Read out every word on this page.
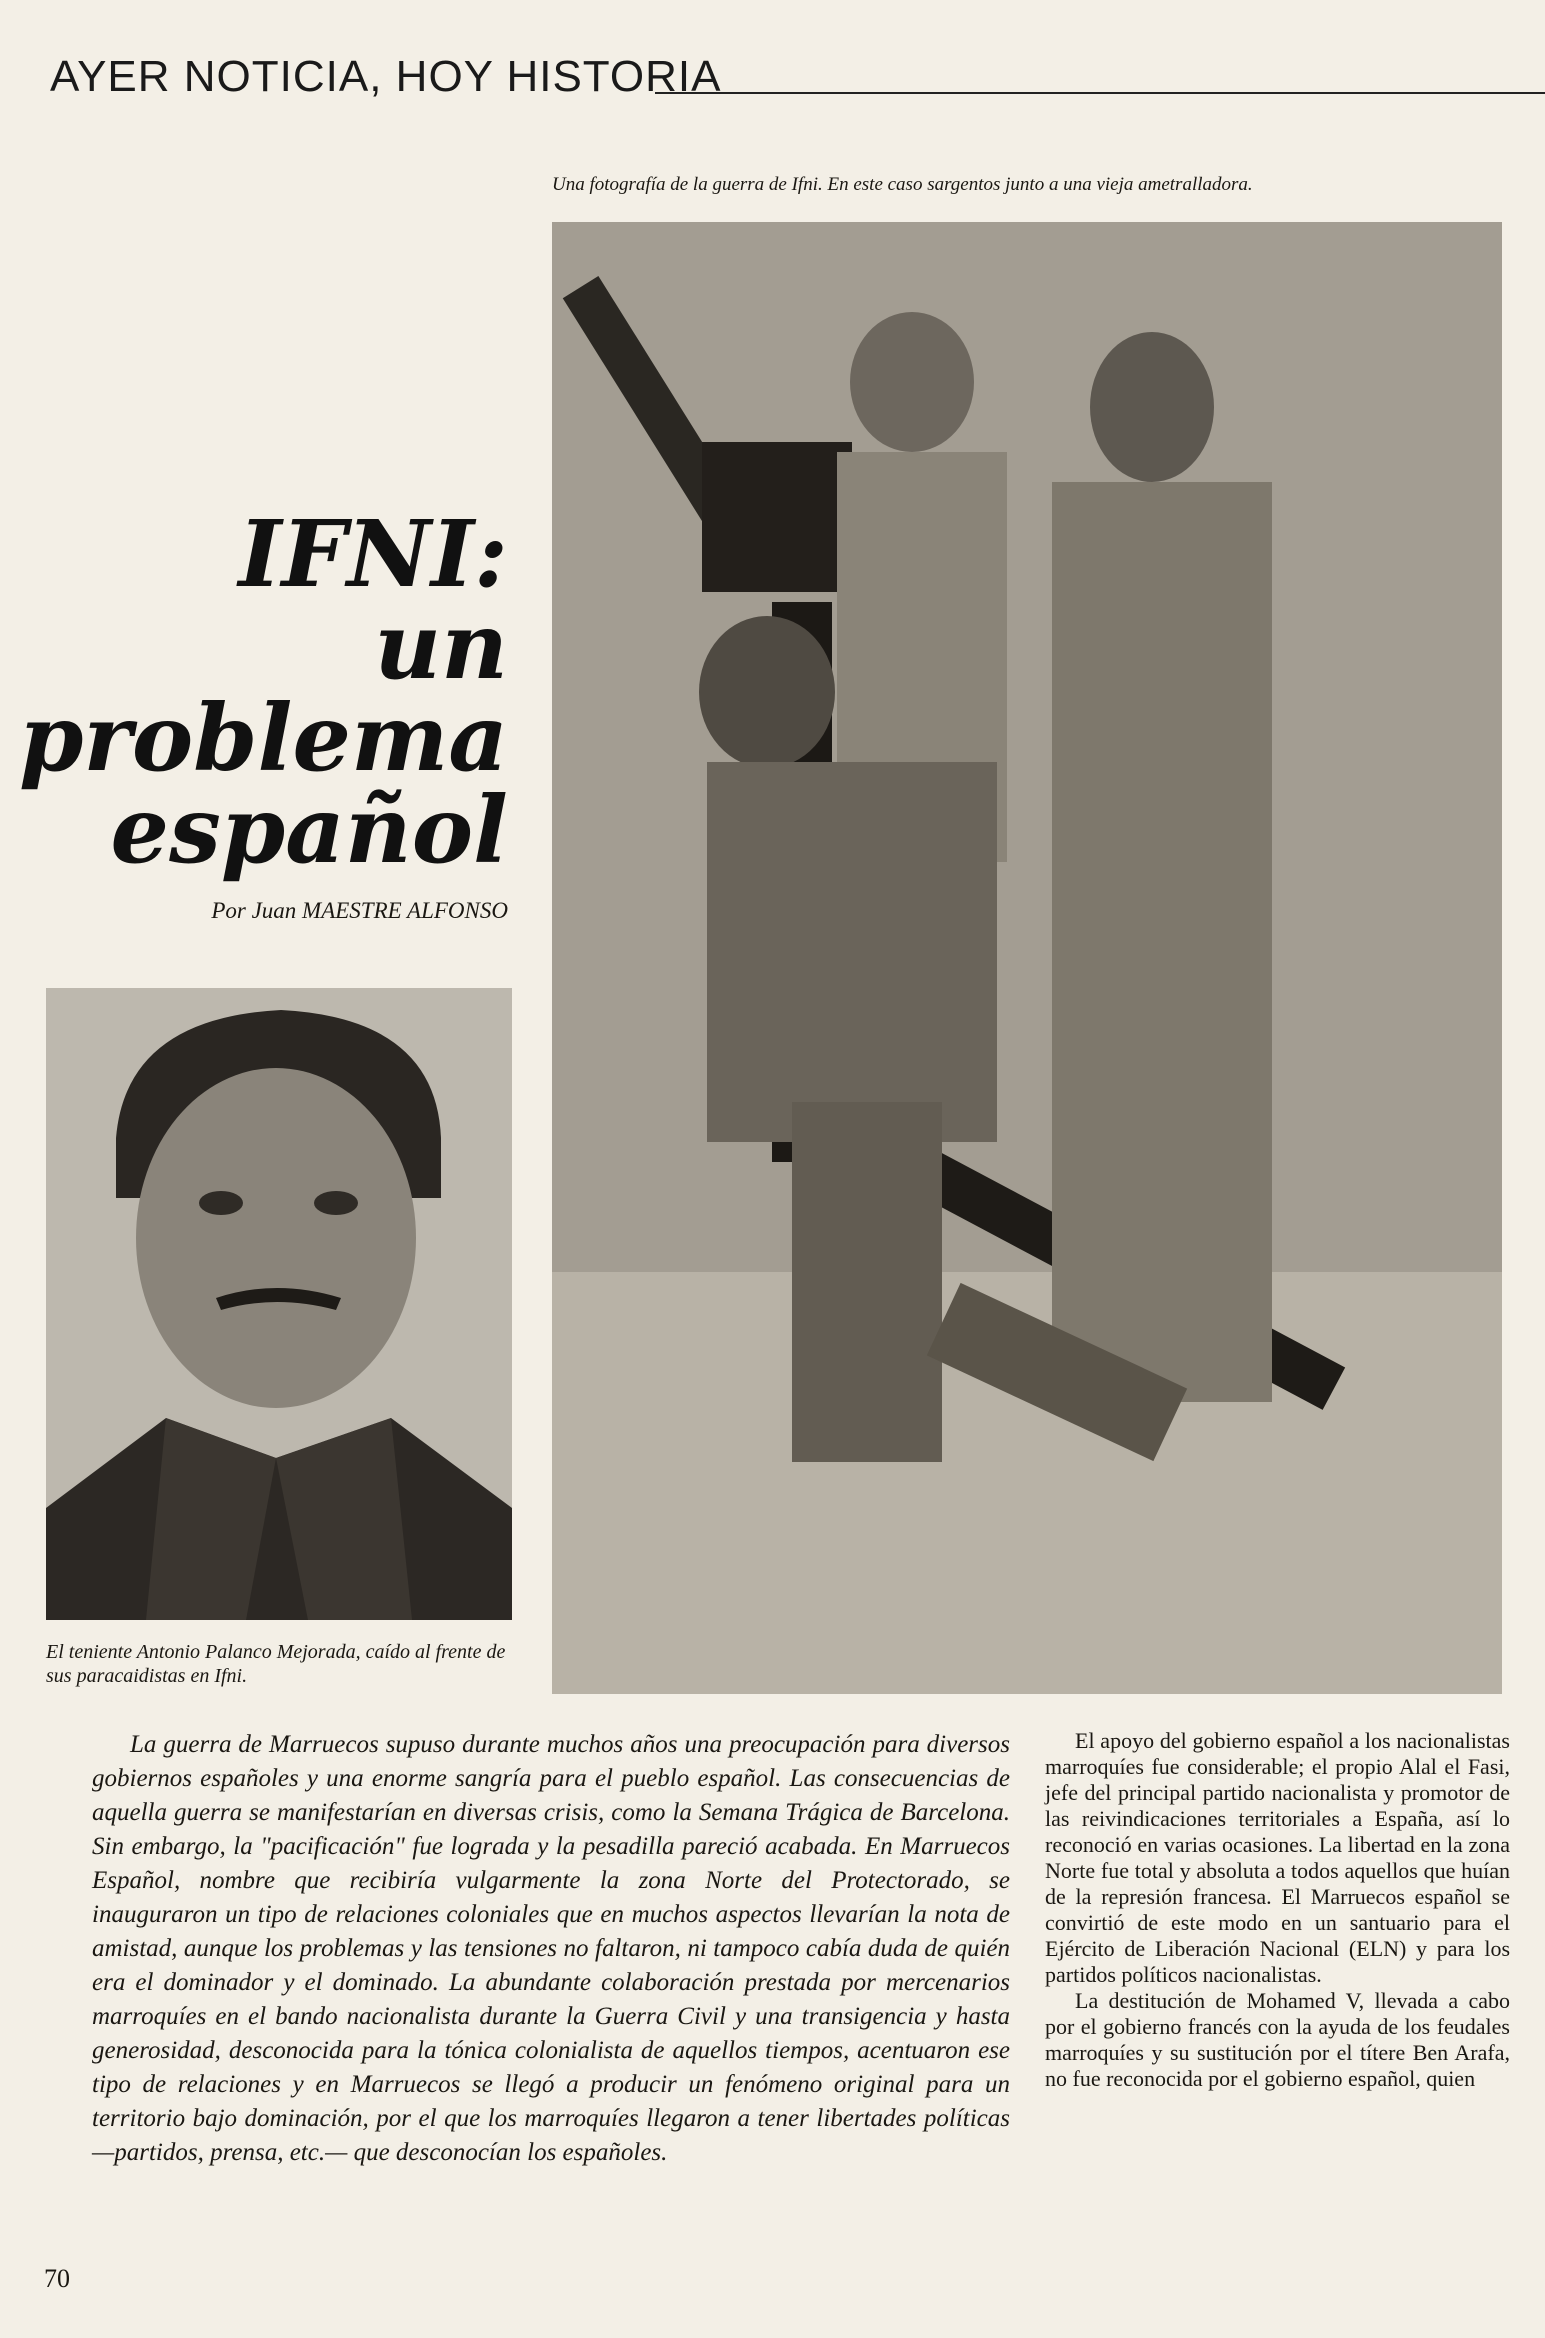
AYER NOTICIA, HOY HISTORIA
Una fotografía de la guerra de Ifni. En este caso sargentos junto a una vieja ametralladora.
IFNI:
un
problema
español
Por Juan MAESTRE ALFONSO
El teniente Antonio Palanco Mejorada, caído al frente de sus paracaidistas en Ifni.

La guerra de Marruecos supuso durante muchos años una preocupación para diversos gobiernos españoles y una enorme sangría para el pueblo español. Las consecuencias de aquella guerra se manifestarían en diversas crisis, como la Semana Trágica de Barcelona. Sin embargo, la "pacificación" fue lograda y la pesadilla pareció acabada. En Marruecos Español, nombre que recibiría vulgarmente la zona Norte del Protectorado, se inauguraron un tipo de relaciones coloniales que en muchos aspectos llevarían la nota de amistad, aunque los problemas y las tensiones no faltaron, ni tampoco cabía duda de quién era el dominador y el dominado. La abundante colaboración prestada por mercenarios marroquíes en el bando nacionalista durante la Guerra Civil y una transigencia y hasta generosidad, desconocida para la tónica colonialista de aquellos tiempos, acentuaron ese tipo de relaciones y en Marruecos se llegó a producir un fenómeno original para un territorio bajo dominación, por el que los marroquíes llegaron a tener libertades políticas —partidos, prensa, etc.— que desconocían los españoles.

El apoyo del gobierno español a los nacionalistas marroquíes fue considerable; el propio Alal el Fasi, jefe del principal partido nacionalista y promotor de las reivindicaciones territoriales a España, así lo reconoció en varias ocasiones. La libertad en la zona Norte fue total y absoluta a todos aquellos que huían de la represión francesa. El Marruecos español se convirtió de este modo en un santuario para el Ejército de Liberación Nacional (ELN) y para los partidos políticos nacionalistas.

La destitución de Mohamed V, llevada a cabo por el gobierno francés con la ayuda de los feudales marroquíes y su sustitución por el títere Ben Arafa, no fue reconocida por el gobierno español, quien

70
